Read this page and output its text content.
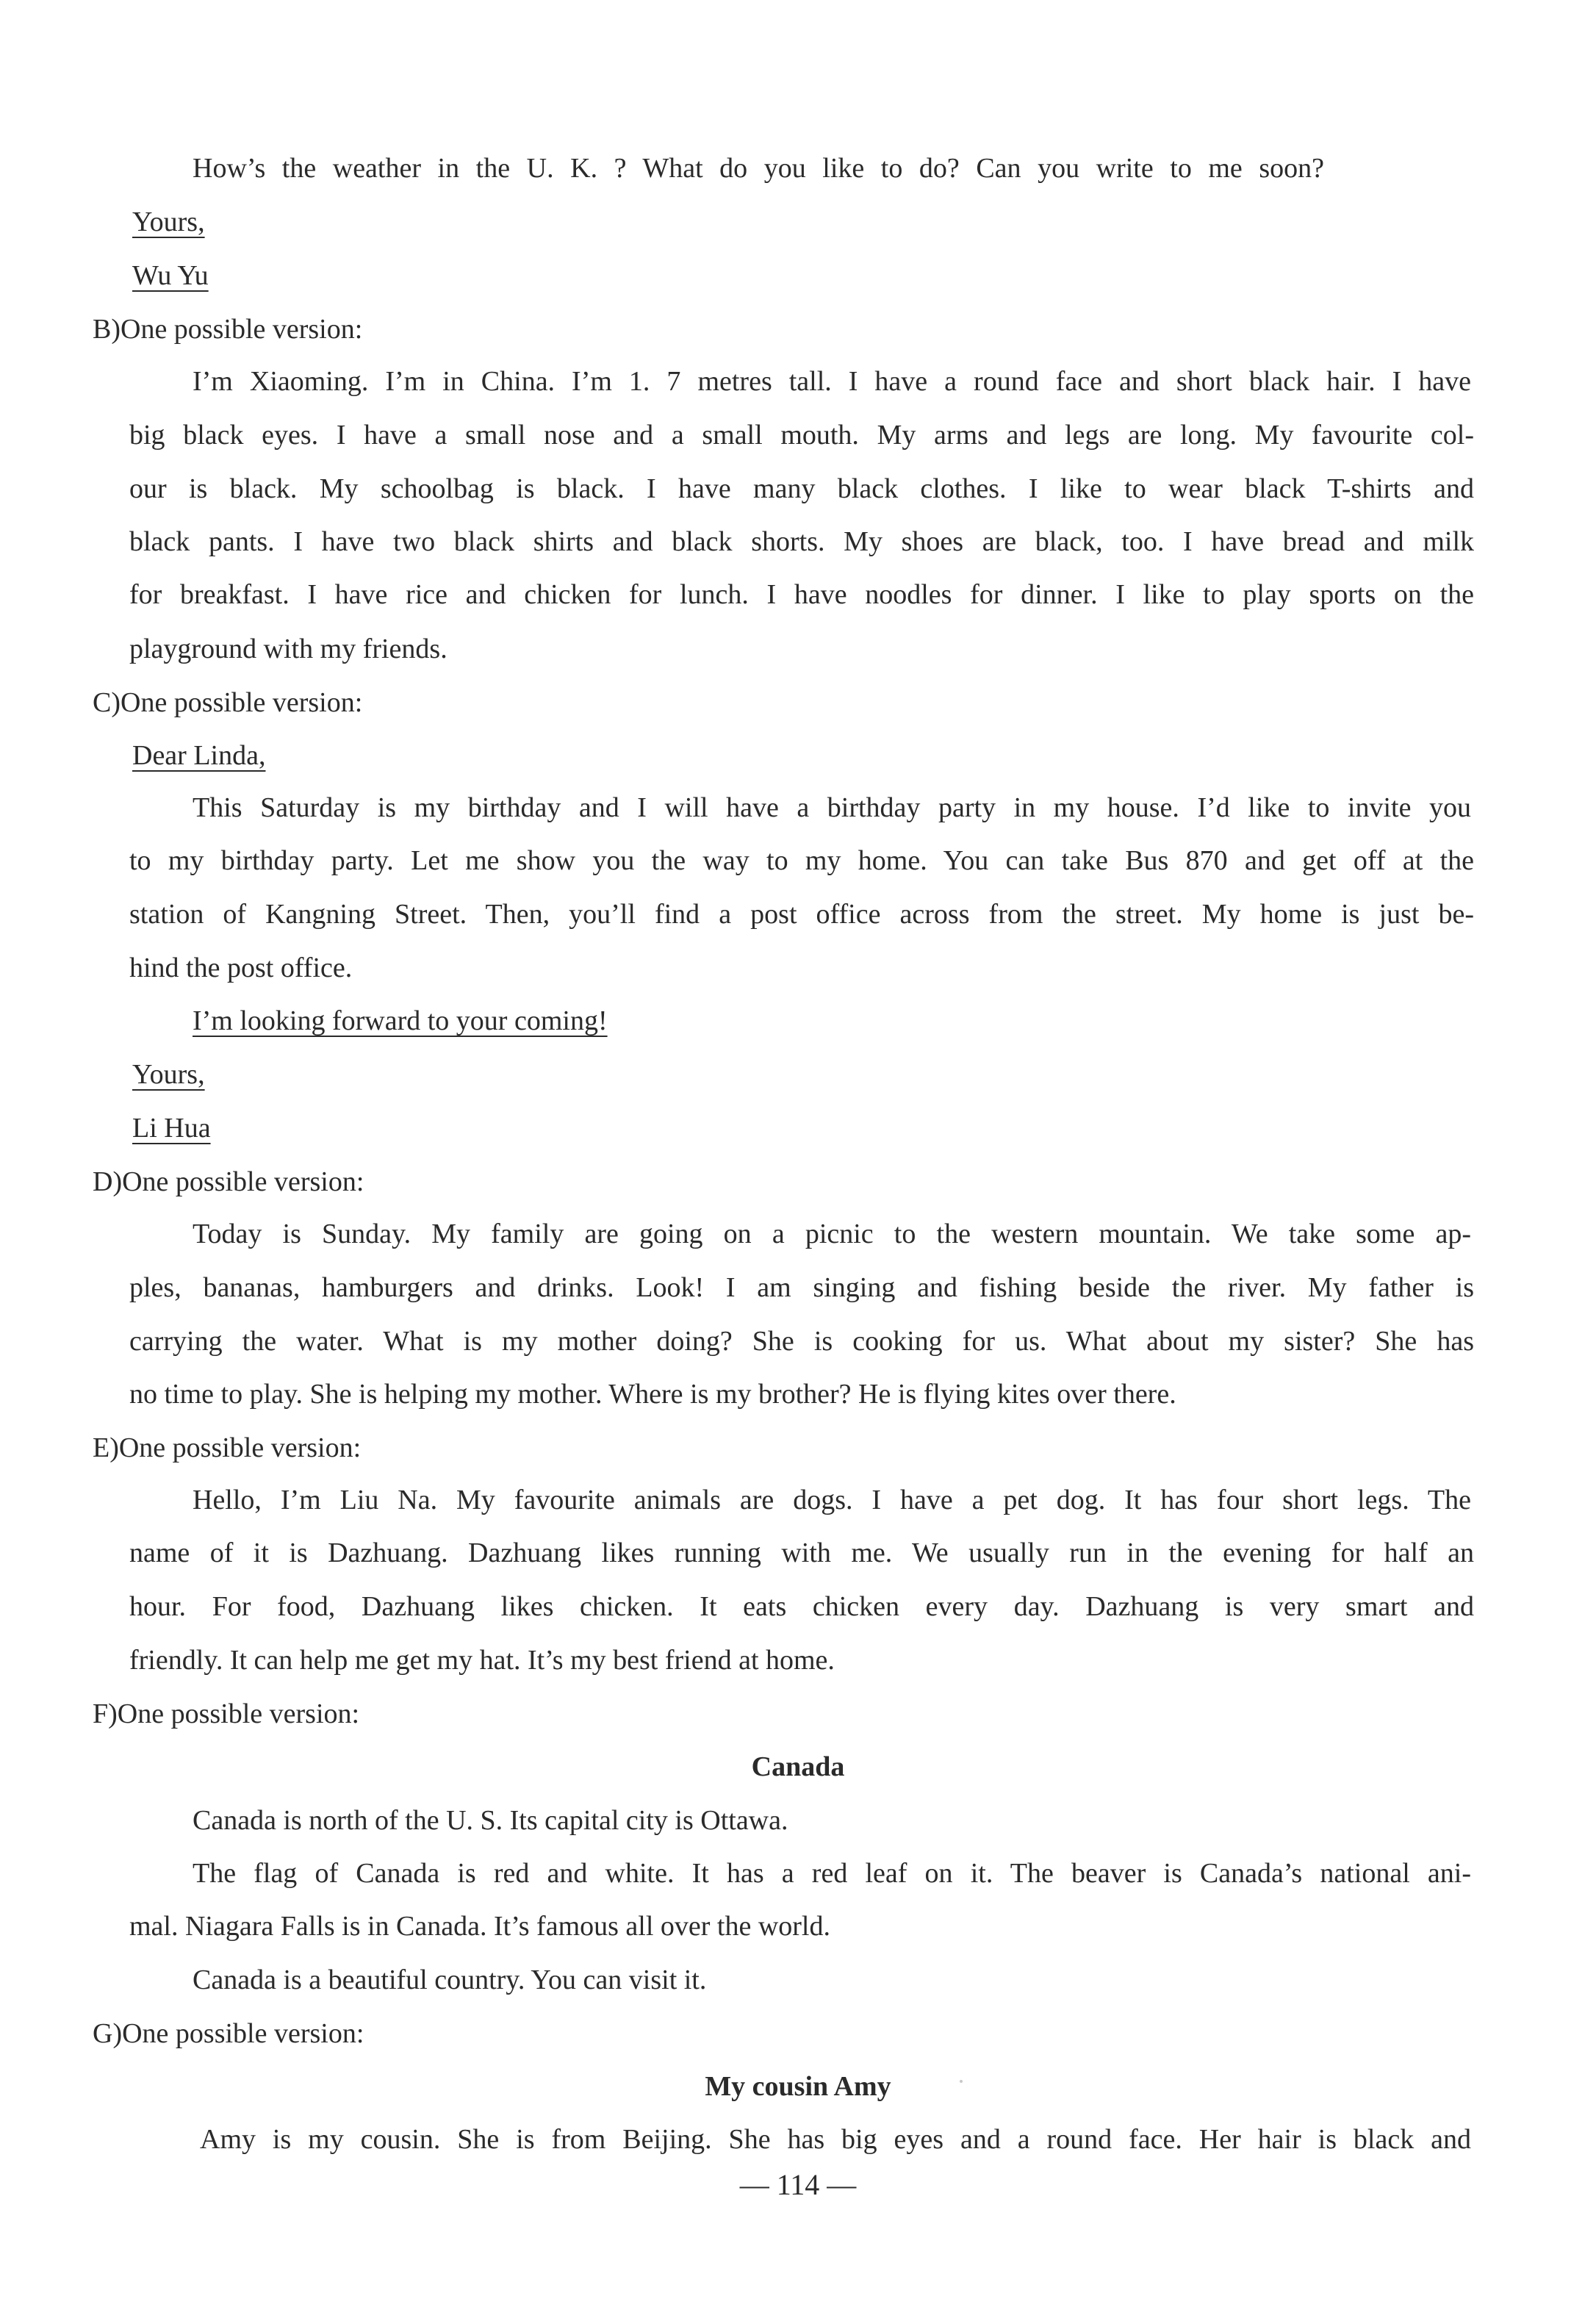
How’s the weather in the U. K. ? What do you like to do? Can you write to me soon?
Yours,
Wu Yu
B)One possible version:
I’m Xiaoming. I’m in China. I’m 1. 7 metres tall. I have a round face and short black hair. I have
big black eyes. I have a small nose and a small mouth. My arms and legs are long. My favourite col-
our is black. My schoolbag is black. I have many black clothes. I like to wear black T-shirts and
black pants. I have two black shirts and black shorts. My shoes are black, too. I have bread and milk
for breakfast. I have rice and chicken for lunch. I have noodles for dinner. I like to play sports on the
playground with my friends.
C)One possible version:
Dear Linda,
This Saturday is my birthday and I will have a birthday party in my house. I’d like to invite you
to my birthday party. Let me show you the way to my home. You can take Bus 870 and get off at the
station of Kangning Street. Then, you’ll find a post office across from the street. My home is just be-
hind the post office.
I’m looking forward to your coming!
Yours,
Li Hua
D)One possible version:
Today is Sunday. My family are going on a picnic to the western mountain. We take some ap-
ples, bananas, hamburgers and drinks. Look! I am singing and fishing beside the river. My father is
carrying the water. What is my mother doing? She is cooking for us. What about my sister? She has
no time to play. She is helping my mother. Where is my brother? He is flying kites over there.
E)One possible version:
Hello, I’m Liu Na. My favourite animals are dogs. I have a pet dog. It has four short legs. The
name of it is Dazhuang. Dazhuang likes running with me. We usually run in the evening for half an
hour. For food, Dazhuang likes chicken. It eats chicken every day. Dazhuang is very smart and
friendly. It can help me get my hat. It’s my best friend at home.
F)One possible version:
Canada
Canada is north of the U. S. Its capital city is Ottawa.
The flag of Canada is red and white. It has a red leaf on it. The beaver is Canada’s national ani-
mal. Niagara Falls is in Canada. It’s famous all over the world.
Canada is a beautiful country. You can visit it.
G)One possible version:
My cousin Amy
Amy is my cousin. She is from Beijing. She has big eyes and a round face. Her hair is black and
— 114 —
